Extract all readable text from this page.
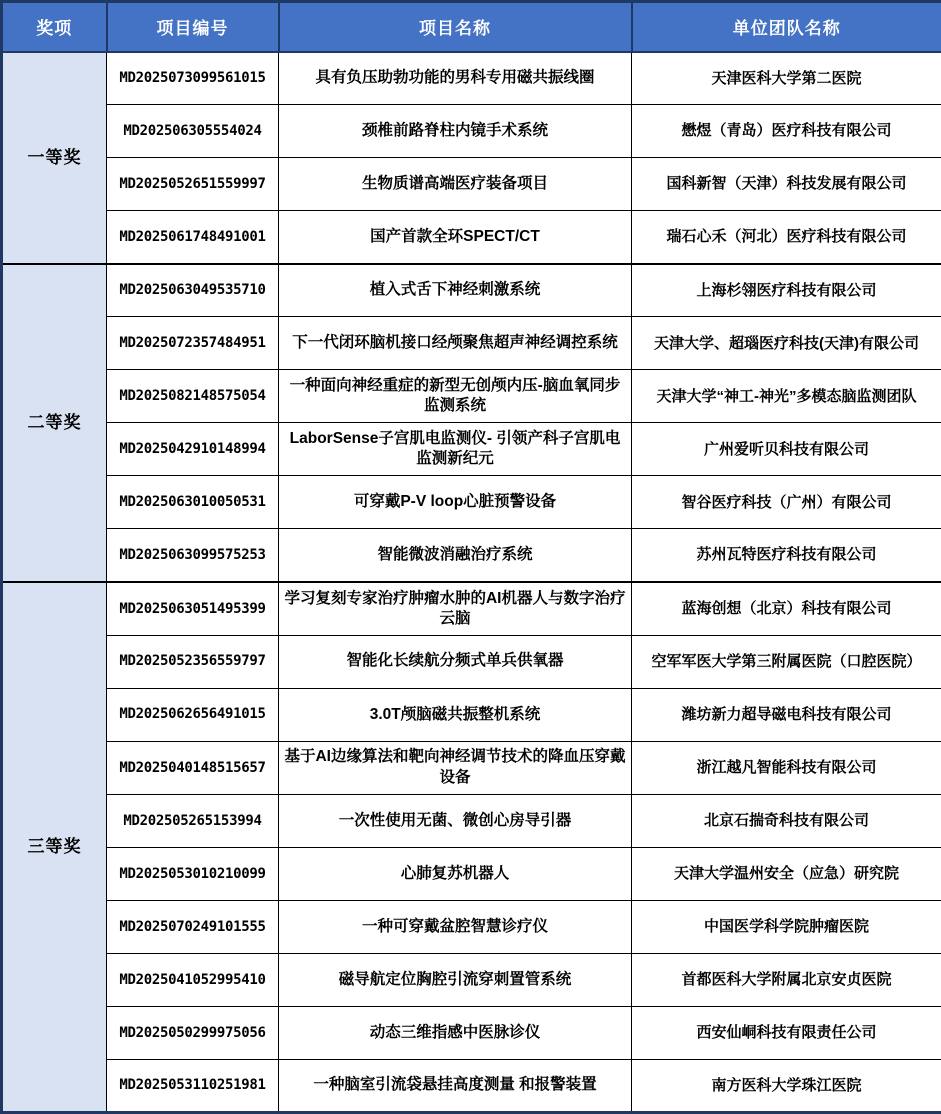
奖项	项目编号	项目名称	单位团队名称
一等奖	MD2025073099561015	具有负压助勃功能的男科专用磁共振线圈	天津医科大学第二医院
	MD202506305554024	颈椎前路脊柱内镜手术系统	懋煜（青岛）医疗科技有限公司
	MD2025052651559997	生物质谱高端医疗装备项目	国科新智（天津）科技发展有限公司
	MD2025061748491001	国产首款全环SPECT/CT	瑞石心禾（河北）医疗科技有限公司
二等奖	MD2025063049535710	植入式舌下神经刺激系统	上海杉翎医疗科技有限公司
	MD2025072357484951	下一代闭环脑机接口经颅聚焦超声神经调控系统	天津大学、超瑙医疗科技(天津)有限公司
	MD2025082148575054	一种面向神经重症的新型无创颅内压-脑血氧同步监测系统	天津大学“神工-神光”多模态脑监测团队
	MD2025042910148994	LaborSense子宫肌电监测仪- 引领产科子宫肌电监测新纪元	广州爱听贝科技有限公司
	MD2025063010050531	可穿戴P-V loop心脏预警设备	智谷医疗科技（广州）有限公司
	MD2025063099575253	智能微波消融治疗系统	苏州瓦特医疗科技有限公司
三等奖	MD2025063051495399	学习复刻专家治疗肿瘤水肿的AI机器人与数字治疗云脑	蓝海创想（北京）科技有限公司
	MD2025052356559797	智能化长续航分频式单兵供氧器	空军军医大学第三附属医院（口腔医院）
	MD2025062656491015	3.0T颅脑磁共振整机系统	潍坊新力超导磁电科技有限公司
	MD2025040148515657	基于AI边缘算法和靶向神经调节技术的降血压穿戴设备	浙江越凡智能科技有限公司
	MD202505265153994	一次性使用无菌、微创心房导引器	北京石揣奇科技有限公司
	MD2025053010210099	心肺复苏机器人	天津大学温州安全（应急）研究院
	MD2025070249101555	一种可穿戴盆腔智慧诊疗仪	中国医学科学院肿瘤医院
	MD2025041052995410	磁导航定位胸腔引流穿刺置管系统	首都医科大学附属北京安贞医院
	MD2025050299975056	动态三维指感中医脉诊仪	西安仙峒科技有限责任公司
	MD2025053110251981	一种脑室引流袋悬挂高度测量 和报警装置	南方医科大学珠江医院
